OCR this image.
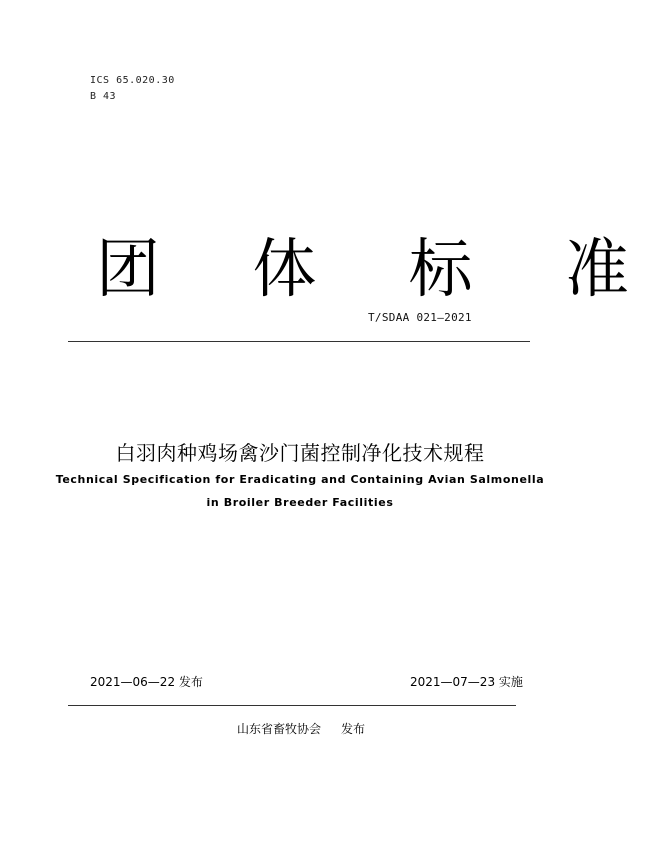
ICS 65.020.30
B 43
团 体 标 准
T/SDAA 021—2021
白羽肉种鸡场禽沙门菌控制净化技术规程
Technical Specification for Eradicating and Containing Avian Salmonella
in Broiler Breeder Facilities
2021—06—22 发布	2021—07—23 实施
山东省畜牧协会 发布
